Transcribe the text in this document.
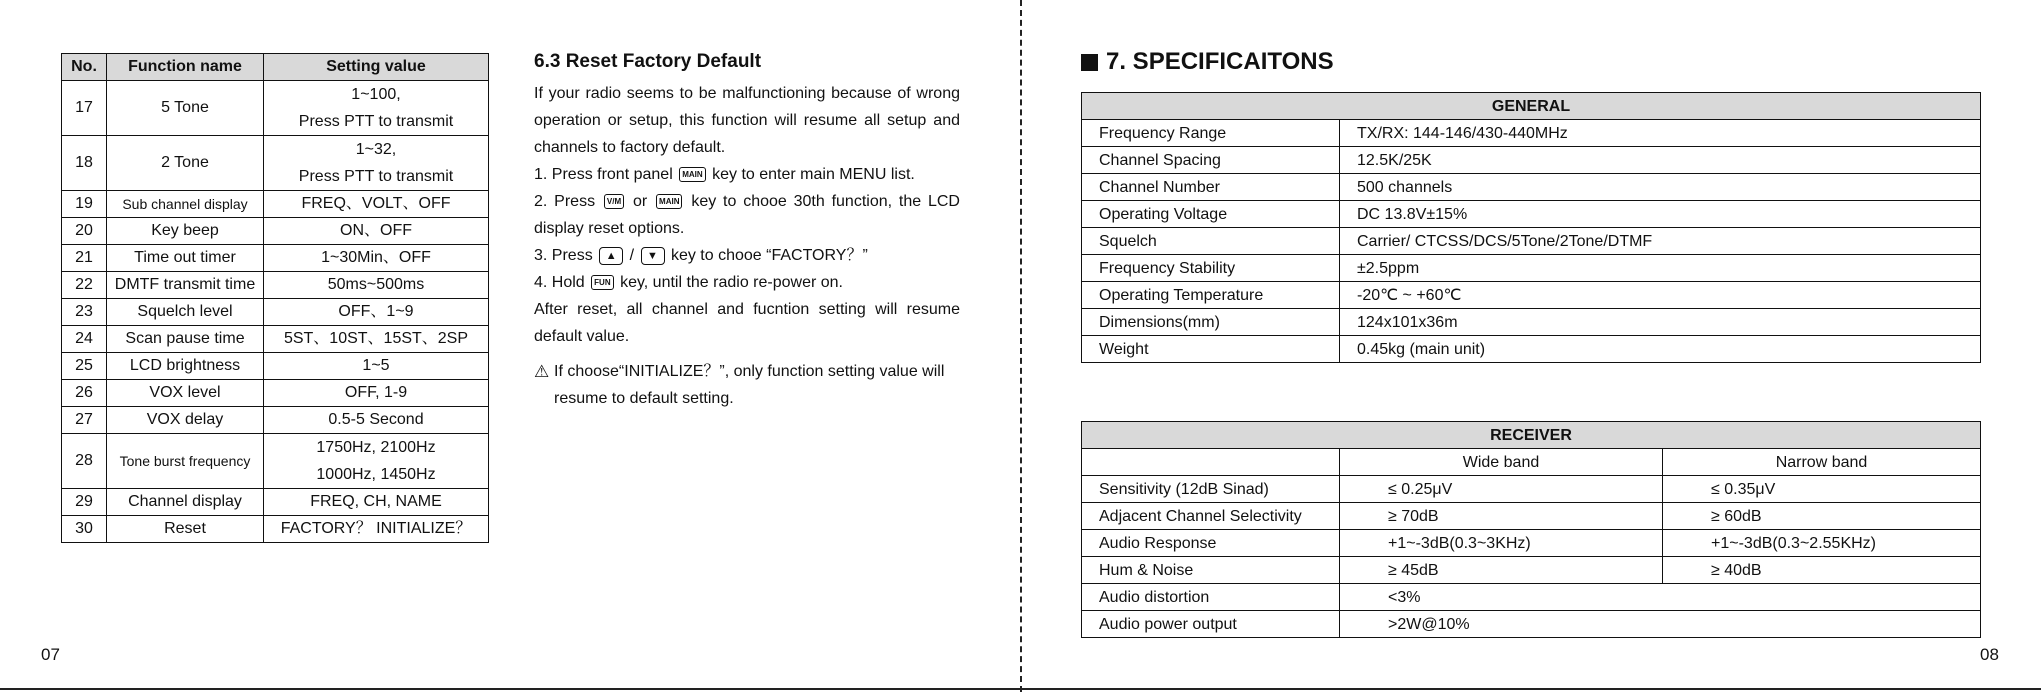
No.	Function name	Setting value
17	5 Tone	1~100,
Press PTT to transmit

18	2 Tone	1~32,
Press PTT to transmit

19	Sub channel display	FREQ、VOLT、OFF

20	Key beep	ON、OFF

21	Time out timer	1~30Min、OFF

22	DMTF transmit time	50ms~500ms

23	Squelch level	OFF、1~9

24	Scan pause time	5ST、10ST、15ST、2SP

25	LCD brightness	1~5

26	VOX level	OFF, 1-9

27	VOX delay	0.5-5 Second

28	Tone burst frequency	1750Hz, 2100Hz
1000Hz, 1450Hz

29	Channel display	FREQ, CH, NAME

30	Reset	FACTORY？ INITIALIZE？
6.3 Reset Factory Default

If your radio seems to be malfunctioning because of wrong operation or setup, this function will resume all setup and channels to factory default.

1. Press front panel MAIN key to enter main MENU list.

2. Press V/M or MAIN key to chooe 30th function, the LCD display reset options.

3. Press ▲ / ▼ key to chooe “FACTORY？”

4. Hold FUN key, until the radio re-power on.

After reset, all channel and fucntion setting will resume default value.

⚠ If choose“INITIALIZE？”, only function setting value will resume to default setting.
07	08
7. SPECIFICAITONS
GENERAL	
Frequency Range	TX/RX: 144-146/430-440MHz
Channel Spacing	12.5K/25K
Channel Number	500 channels
Operating Voltage	DC 13.8V±15%
Squelch	Carrier/ CTCSS/DCS/5Tone/2Tone/DTMF
Frequency Stability	±2.5ppm
Operating Temperature	-20℃ ~ +60℃
Dimensions(mm)	124x101x36m
Weight	0.45kg (main unit)
RECEIVER		
	Wide band	Narrow band
Sensitivity (12dB Sinad)	≤ 0.25μV	≤ 0.35μV
Adjacent Channel Selectivity	≥ 70dB	≥ 60dB
Audio Response	+1~-3dB(0.3~3KHz)	+1~-3dB(0.3~2.55KHz)
Hum & Noise	≥ 45dB	≥ 40dB
Audio distortion	<3%	
Audio power output	>2W@10%	
